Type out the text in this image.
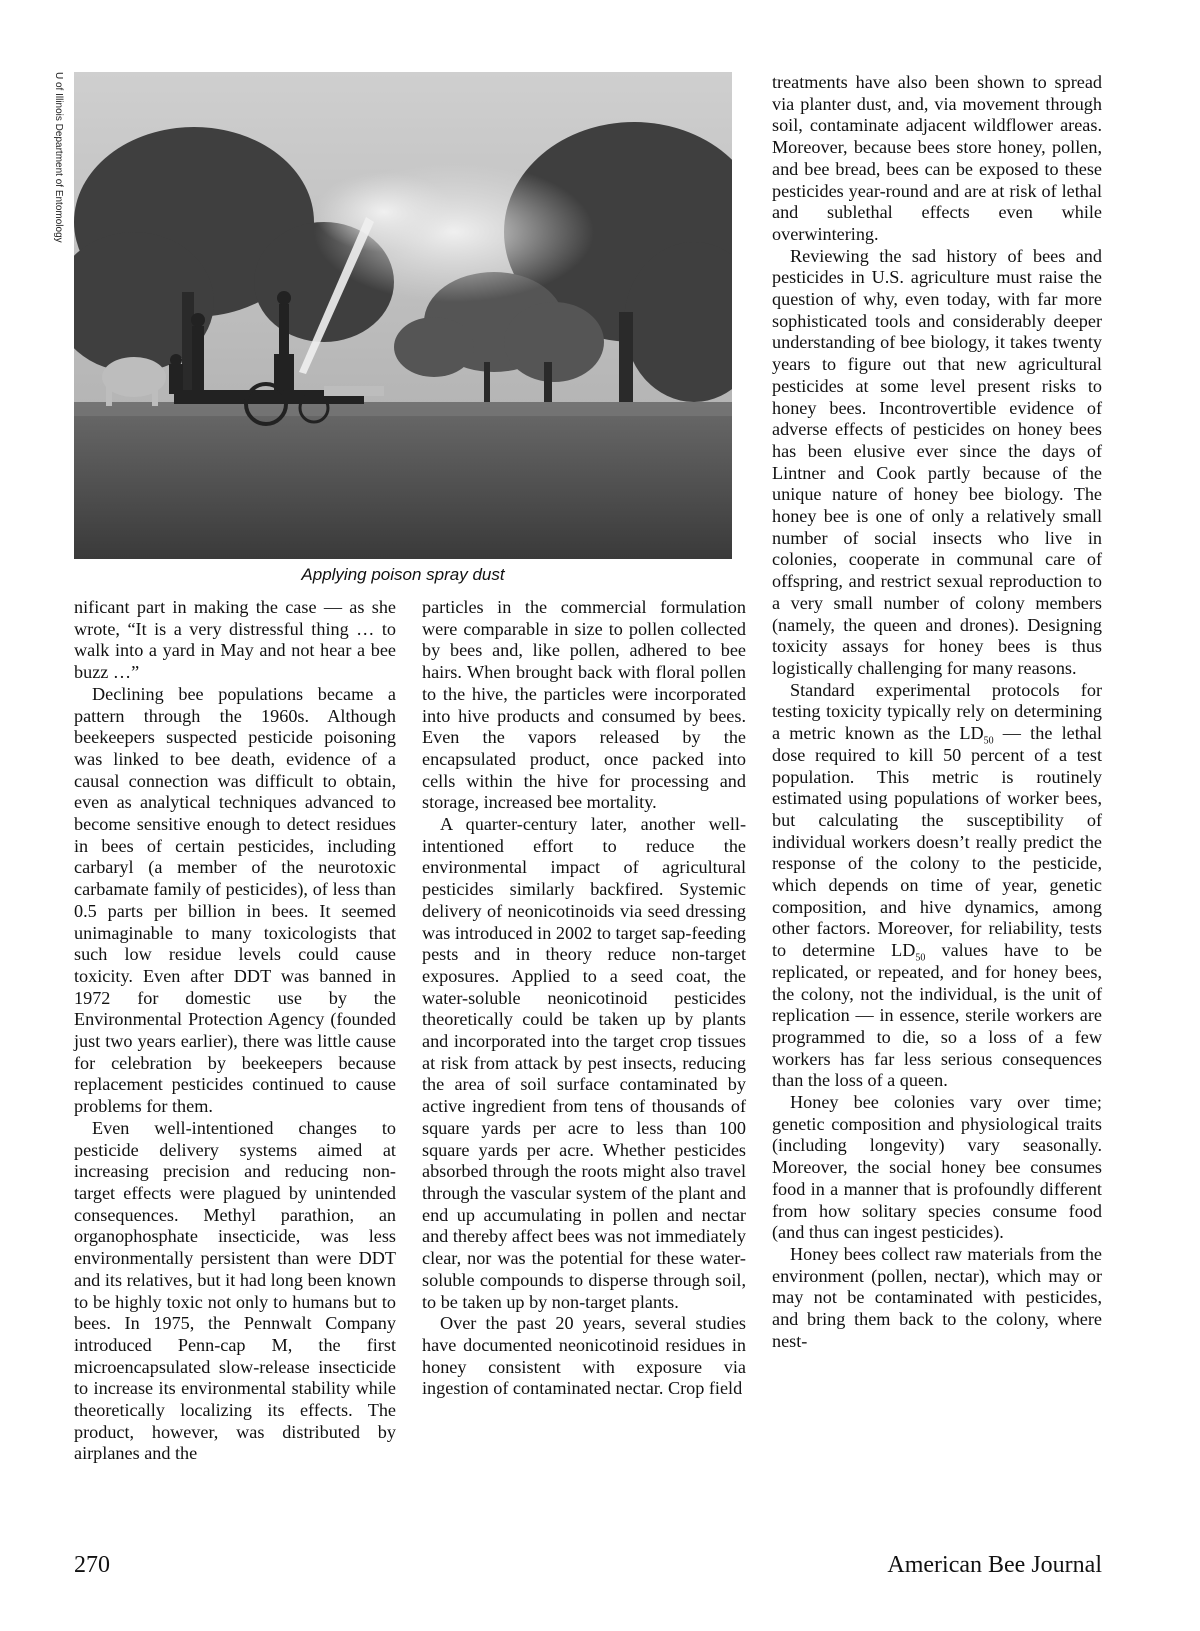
U of Illinois Department of Entomology
Applying poison spray dust

nificant part in making the case — as she wrote, “It is a very distressful thing … to walk into a yard in May and not hear a bee buzz …”

Declining bee populations became a pattern through the 1960s. Although beekeepers suspected pesticide poisoning was linked to bee death, evidence of a causal connection was difficult to obtain, even as analytical techniques advanced to become sensitive enough to detect residues in bees of certain pesticides, including carbaryl (a member of the neurotoxic carbamate family of pesticides), of less than 0.5 parts per billion in bees. It seemed unimaginable to many toxicologists that such low residue levels could cause toxicity. Even after DDT was banned in 1972 for domestic use by the Environmental Protection Agency (founded just two years earlier), there was little cause for celebration by beekeepers because replacement pesticides continued to cause problems for them.

Even well-intentioned changes to pesticide delivery systems aimed at increasing precision and reducing non-target effects were plagued by unintended consequences. Methyl parathion, an organophosphate insecticide, was less environmentally persistent than were DDT and its relatives, but it had long been known to be highly toxic not only to humans but to bees. In 1975, the Pennwalt Company introduced Penn-cap M, the first microencapsulated slow-release insecticide to increase its environmental stability while theoretically localizing its effects. The product, however, was distributed by airplanes and the

particles in the commercial formulation were comparable in size to pollen collected by bees and, like pollen, adhered to bee hairs. When brought back with floral pollen to the hive, the particles were incorporated into hive products and consumed by bees. Even the vapors released by the encapsulated product, once packed into cells within the hive for processing and storage, increased bee mortality.

A quarter-century later, another well-intentioned effort to reduce the environmental impact of agricultural pesticides similarly backfired. Systemic delivery of neonicotinoids via seed dressing was introduced in 2002 to target sap-feeding pests and in theory reduce non-target exposures. Applied to a seed coat, the water-soluble neonicotinoid pesticides theoretically could be taken up by plants and incorporated into the target crop tissues at risk from attack by pest insects, reducing the area of soil surface contaminated by active ingredient from tens of thousands of square yards per acre to less than 100 square yards per acre. Whether pesticides absorbed through the roots might also travel through the vascular system of the plant and end up accumulating in pollen and nectar and thereby affect bees was not immediately clear, nor was the potential for these water-soluble compounds to disperse through soil, to be taken up by non-target plants.

Over the past 20 years, several studies have documented neonicotinoid residues in honey consistent with exposure via ingestion of contaminated nectar. Crop field

treatments have also been shown to spread via planter dust, and, via movement through soil, contaminate adjacent wildflower areas. Moreover, because bees store honey, pollen, and bee bread, bees can be exposed to these pesticides year-round and are at risk of lethal and sublethal effects even while overwintering.

Reviewing the sad history of bees and pesticides in U.S. agriculture must raise the question of why, even today, with far more sophisticated tools and considerably deeper understanding of bee biology, it takes twenty years to figure out that new agricultural pesticides at some level present risks to honey bees. Incontrovertible evidence of adverse effects of pesticides on honey bees has been elusive ever since the days of Lintner and Cook partly because of the unique nature of honey bee biology. The honey bee is one of only a relatively small number of social insects who live in colonies, cooperate in communal care of offspring, and restrict sexual reproduction to a very small number of colony members (namely, the queen and drones). Designing toxicity assays for honey bees is thus logistically challenging for many reasons.

Standard experimental protocols for testing toxicity typically rely on determining a metric known as the $LD_{50}$ — the lethal dose required to kill 50 percent of a test population. This metric is routinely estimated using populations of worker bees, but calculating the susceptibility of individual workers doesn’t really predict the response of the colony to the pesticide, which depends on time of year, genetic composition, and hive dynamics, among other factors. Moreover, for reliability, tests to determine $LD_{50}$ values have to be replicated, or repeated, and for honey bees, the colony, not the individual, is the unit of replication — in essence, sterile workers are programmed to die, so a loss of a few workers has far less serious consequences than the loss of a queen.

Honey bee colonies vary over time; genetic composition and physiological traits (including longevity) vary seasonally. Moreover, the social honey bee consumes food in a manner that is profoundly different from how solitary species consume food (and thus can ingest pesticides).

Honey bees collect raw materials from the environment (pollen, nectar), which may or may not be contaminated with pesticides, and bring them back to the colony, where nest-

270	American Bee Journal
